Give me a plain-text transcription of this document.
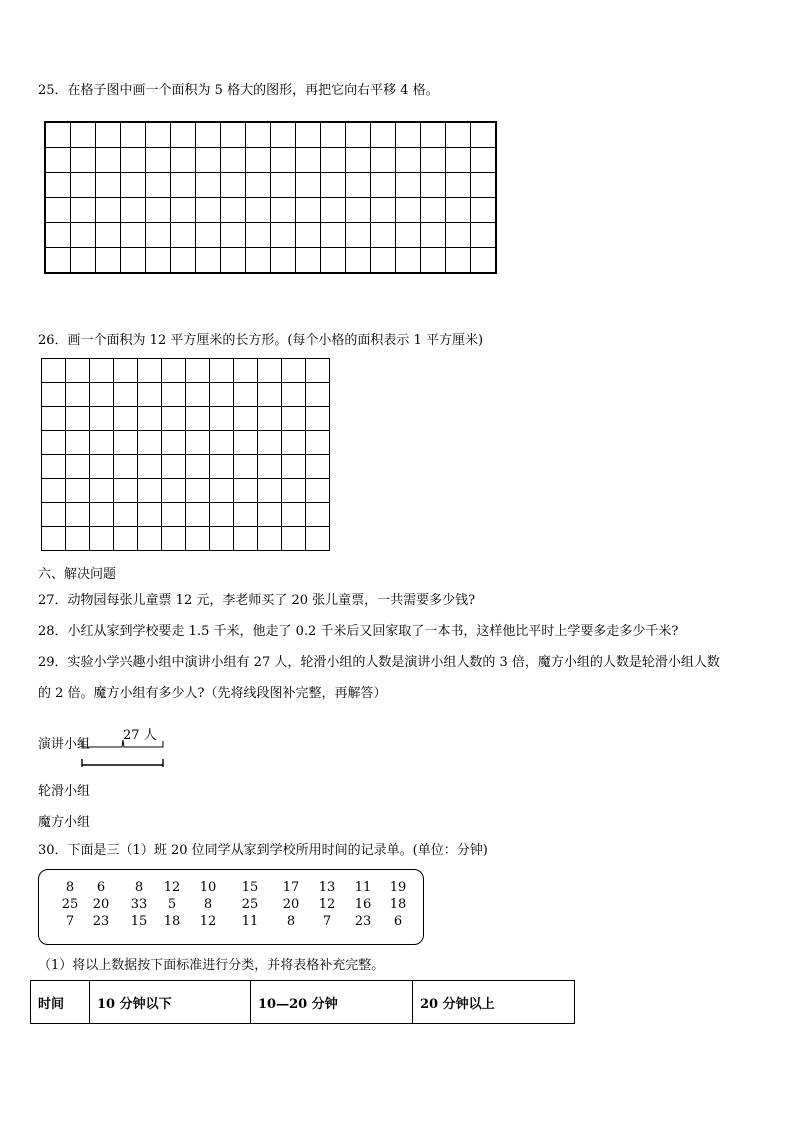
25．在格子图中画一个面积为 5 格大的图形，再把它向右平移 4 格。

26．画一个面积为 12 平方厘米的长方形。(每个小格的面积表示 1 平方厘米)

六、解决问题
27．动物园每张儿童票 12 元，李老师买了 20 张儿童票，一共需要多少钱?
28．小红从家到学校要走 1.5 千米，他走了 0.2 千米后又回家取了一本书，这样他比平时上学要多走多少千米?
29．实验小学兴趣小组中演讲小组有 27 人，轮滑小组的人数是演讲小组人数的 3 倍，魔方小组的人数是轮滑小组人数
的 2 倍。魔方小组有多少人?（先将线段图补完整，再解答）
27 人
演讲小组
轮滑小组
魔方小组
30．下面是三（1）班 20 位同学从家到学校所用时间的记录单。(单位：分钟)
8	6	8	12	10	15	17	13	11	19
25	20	33	5	8	25	20	12	16	18
7	23	15	18	12	11	8	7	23	6
（1）将以上数据按下面标准进行分类，并将表格补充完整。
时间	10 分钟以下	10—20 分钟	20 分钟以上
